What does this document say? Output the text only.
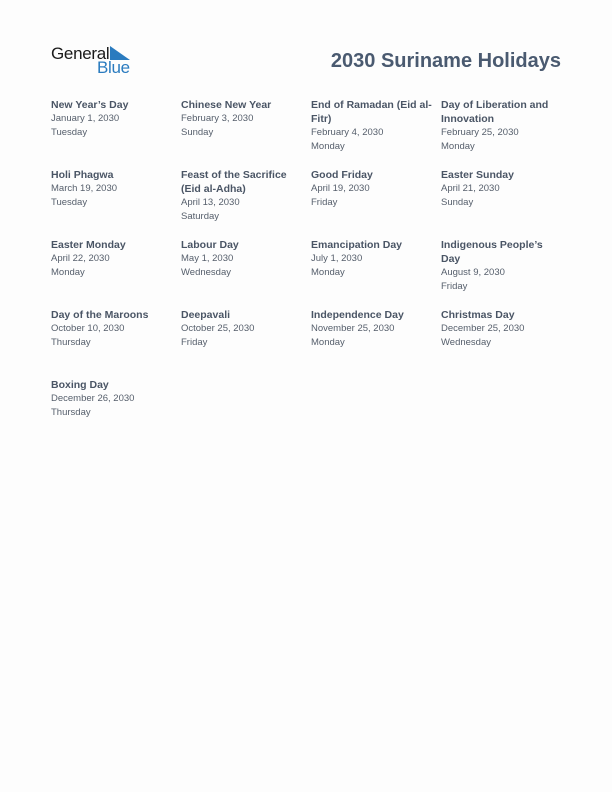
General
Blue	2030 Suriname Holidays
New Year’s Day
January 1, 2030
Tuesday
Chinese New Year
February 3, 2030
Sunday
End of Ramadan (Eid al-Fitr)
February 4, 2030
Monday
Day of Liberation and Innovation
February 25, 2030
Monday
Holi Phagwa
March 19, 2030
Tuesday
Feast of the Sacrifice (Eid al-Adha)
April 13, 2030
Saturday
Good Friday
April 19, 2030
Friday
Easter Sunday
April 21, 2030
Sunday
Easter Monday
April 22, 2030
Monday
Labour Day
May 1, 2030
Wednesday
Emancipation Day
July 1, 2030
Monday
Indigenous People’s Day
August 9, 2030
Friday
Day of the Maroons
October 10, 2030
Thursday
Deepavali
October 25, 2030
Friday
Independence Day
November 25, 2030
Monday
Christmas Day
December 25, 2030
Wednesday
Boxing Day
December 26, 2030
Thursday
